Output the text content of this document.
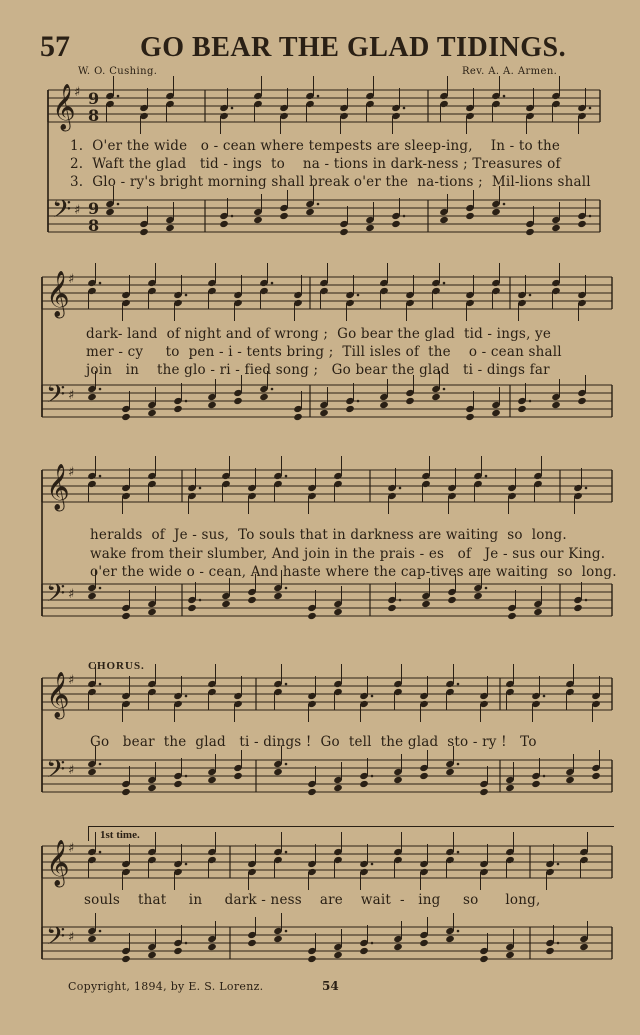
57	GO BEAR THE GLAD TIDINGS.
W. O. Cushing.	Rev. A. A. Armen.
𝄞
♯ 9
8
𝄢 ♯ 9
8
1.  O'er the wide   o - cean where tempests are sleep-ing,    In - to the
2.  Waft the glad   tid - ings  to    na - tions in dark-ness ; Treasures of
3.  Glo - ry's bright morning shall break o'er the  na-tions ;  Mil-lions shall
𝄞
♯
𝄢 ♯
dark- land  of night and of wrong ;  Go bear the glad  tid - ings, ye
mer - cy     to  pen - i - tents bring ;  Till isles of  the    o - cean shall
join   in    the glo - ri - fied song ;   Go bear the glad   ti - dings far
𝄞
♯
𝄢 ♯
heralds  of  Je - sus,  To souls that in darkness are waiting  so  long.
wake from their slumber, And join in the prais - es   of   Je - sus our King.
o'er the wide o - cean, And haste where the cap-tives are waiting  so  long.
CHORUS.
𝄞
♯
𝄢 ♯
Go   bear  the  glad   ti - dings !  Go  tell  the glad  sto - ry !   To
1st time.
𝄞
♯
𝄢 ♯
souls    that     in     dark - ness    are    wait  -   ing     so      long,
Copyright, 1894, by E. S. Lorenz.	54
